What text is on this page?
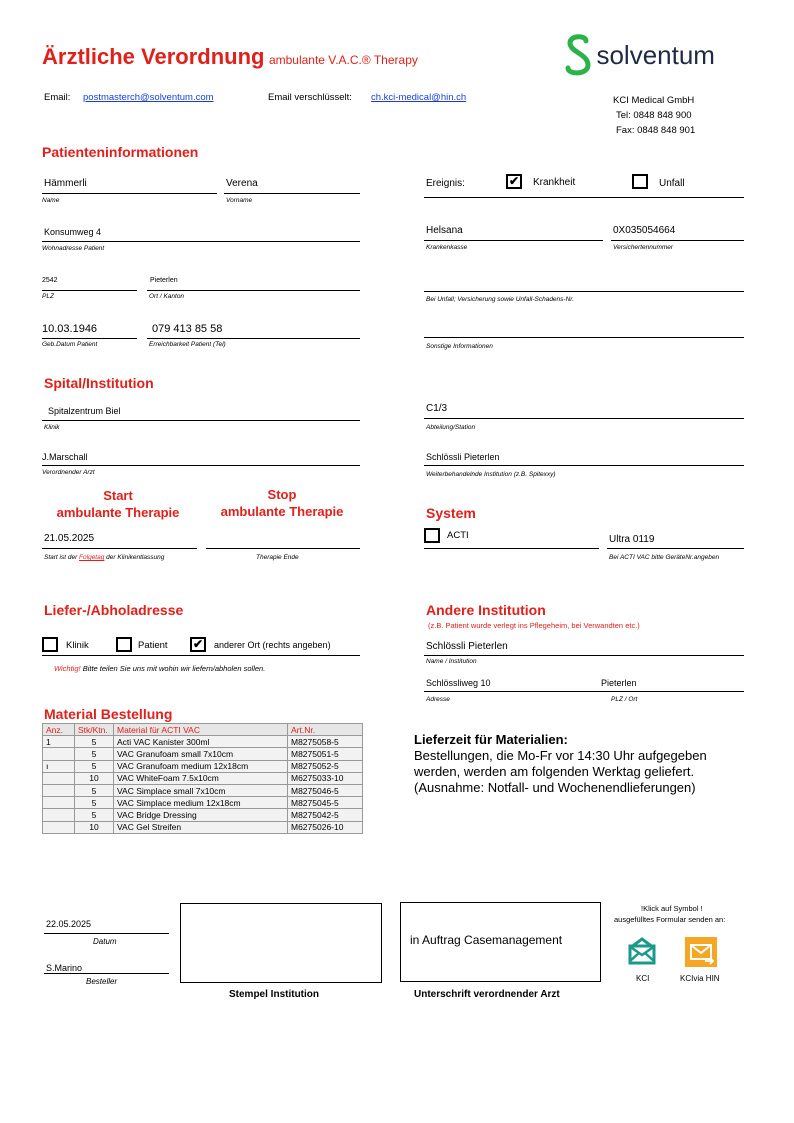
Ärztliche Verordnung ambulante V.A.C.® Therapy	solventum
Email: postmasterch@solventum.com	Email verschlüsselt: ch.kci-medical@hin.ch	KCI Medical GmbH
Tel: 0848 848 900
Fax: 0848 848 901
Patienteninformationen
Hämmerli
Name
Verena
Vorname
Konsumweg 4
Wohnadresse Patient
2542
PLZ
Pieterlen
Ort / Kanton
10.03.1946
Geb.Datum Patient
079 413 85 58
Erreichbarkeit Patient (Tel)
Ereignis:	✔ Krankheit	Unfall
Helsana
Krankenkasse
0X035054664
Versichertennummer
Bei Unfall; Versicherung sowie Unfall-Schadens-Nr.
Sonstige Informationen
Spital/Institution
Spitalzentrum Biel
Klinik
C1/3
Abteilung/Station
J.Marschall
Verordnender Arzt
Schlössli Pieterlen
Weiterbehandelnde Institution (z.B. Spitexxy)
Start
ambulante Therapie
Stop
ambulante Therapie
21.05.2025
Start ist der Folgetag der Klinikentlassung	Therapie Ende
System
ACTI	Ultra 0119
Bei ACTI VAC bitte GeräteNr.angeben
Liefer-/Abholadresse
Klinik	Patient ✔ anderer Ort (rechts angeben)
Wichtig! Bitte teilen Sie uns mit wohin wir liefern/abholen sollen.
Andere Institution
(z.B. Patient wurde verlegt ins Pflegeheim, bei Verwandten etc.)
Schlössli Pieterlen
Name / Institution
Schlössliweg 10	Pieterlen
Adresse	PLZ / Ort
Material Bestellung
Anz.	Stk/Ktn.	Material für ACTI VAC	Art.Nr.
1	5	Acti VAC Kanister 300ml	M8275058-5
	5	VAC Granufoam small 7x10cm	M8275051-5
ı	5	VAC Granufoam medium 12x18cm	M8275052-5
	10	VAC WhiteFoam 7.5x10cm	M6275033-10
	5	VAC Simplace small 7x10cm	M8275046-5
	5	VAC Simplace medium 12x18cm	M8275045-5
	5	VAC Bridge Dressing	M8275042-5
	10	VAC Gel Streifen	M6275026-10
Lieferzeit für Materialien:
Bestellungen, die Mo-Fr vor 14:30 Uhr aufgegeben
werden, werden am folgenden Werktag geliefert.
(Ausnahme: Notfall- und Wochenendlieferungen)
22.05.2025
Datum
S.Marino
Besteller
Stempel Institution
in Auftrag Casemanagement
Unterschrift verordnender Arzt
!Klick auf Symbol !
ausgefülltes Formular senden an:
KCI	KCIvia HIN
